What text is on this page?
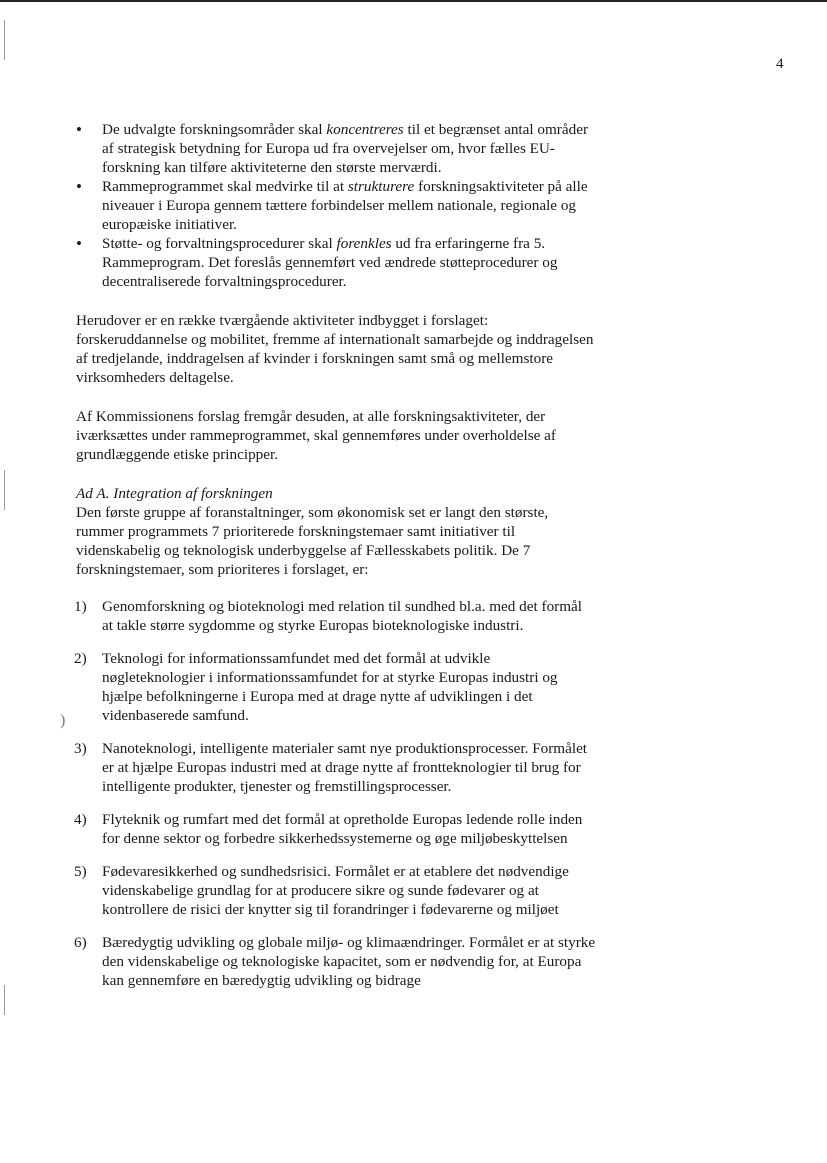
)
4
• De udvalgte forskningsområder skal koncentreres til et begrænset antal områder af strategisk betydning for Europa ud fra overvejelser om, hvor fælles EU-forskning kan tilføre aktiviteterne den største merværdi.
• Rammeprogrammet skal medvirke til at strukturere forskningsaktiviteter på alle niveauer i Europa gennem tættere forbindelser mellem nationale, regionale og europæiske initiativer.
• Støtte- og forvaltningsprocedurer skal forenkles ud fra erfaringerne fra 5. Rammeprogram. Det foreslås gennemført ved ændrede støtteprocedurer og decentraliserede forvaltningsprocedurer.

Herudover er en række tværgående aktiviteter indbygget i forslaget: forskeruddannelse og mobilitet, fremme af internationalt samarbejde og inddragelsen af tredjelande, inddragelsen af kvinder i forskningen samt små og mellemstore virksomheders deltagelse.

Af Kommissionens forslag fremgår desuden, at alle forskningsaktiviteter, der iværksættes under rammeprogrammet, skal gennemføres under overholdelse af grundlæggende etiske principper.

Ad A. Integration af forskningen

Den første gruppe af foranstaltninger, som økonomisk set er langt den største, rummer programmets 7 prioriterede forskningstemaer samt initiativer til videnskabelig og teknologisk underbyggelse af Fællesskabets politik. De 7 forskningstemaer, som prioriteres i forslaget, er:

1) Genomforskning og bioteknologi med relation til sundhed bl.a. med det formål at takle større sygdomme og styrke Europas bioteknologiske industri.
2) Teknologi for informationssamfundet med det formål at udvikle nøgleteknologier i informationssamfundet for at styrke Europas industri og hjælpe befolkningerne i Europa med at drage nytte af udviklingen i det videnbaserede samfund.
3) Nanoteknologi, intelligente materialer samt nye produktionsprocesser. Formålet er at hjælpe Europas industri med at drage nytte af frontteknologier til brug for intelligente produkter, tjenester og fremstillingsprocesser.
4) Flyteknik og rumfart med det formål at opretholde Europas ledende rolle inden for denne sektor og forbedre sikkerhedssystemerne og øge miljøbeskyttelsen
5) Fødevaresikkerhed og sundhedsrisici. Formålet er at etablere det nødvendige videnskabelige grundlag for at producere sikre og sunde fødevarer og at kontrollere de risici der knytter sig til forandringer i fødevarerne og miljøet
6) Bæredygtig udvikling og globale miljø- og klimaændringer. Formålet er at styrke den videnskabelige og teknologiske kapacitet, som er nødvendig for, at Europa kan gennemføre en bæredygtig udvikling og bidrage
